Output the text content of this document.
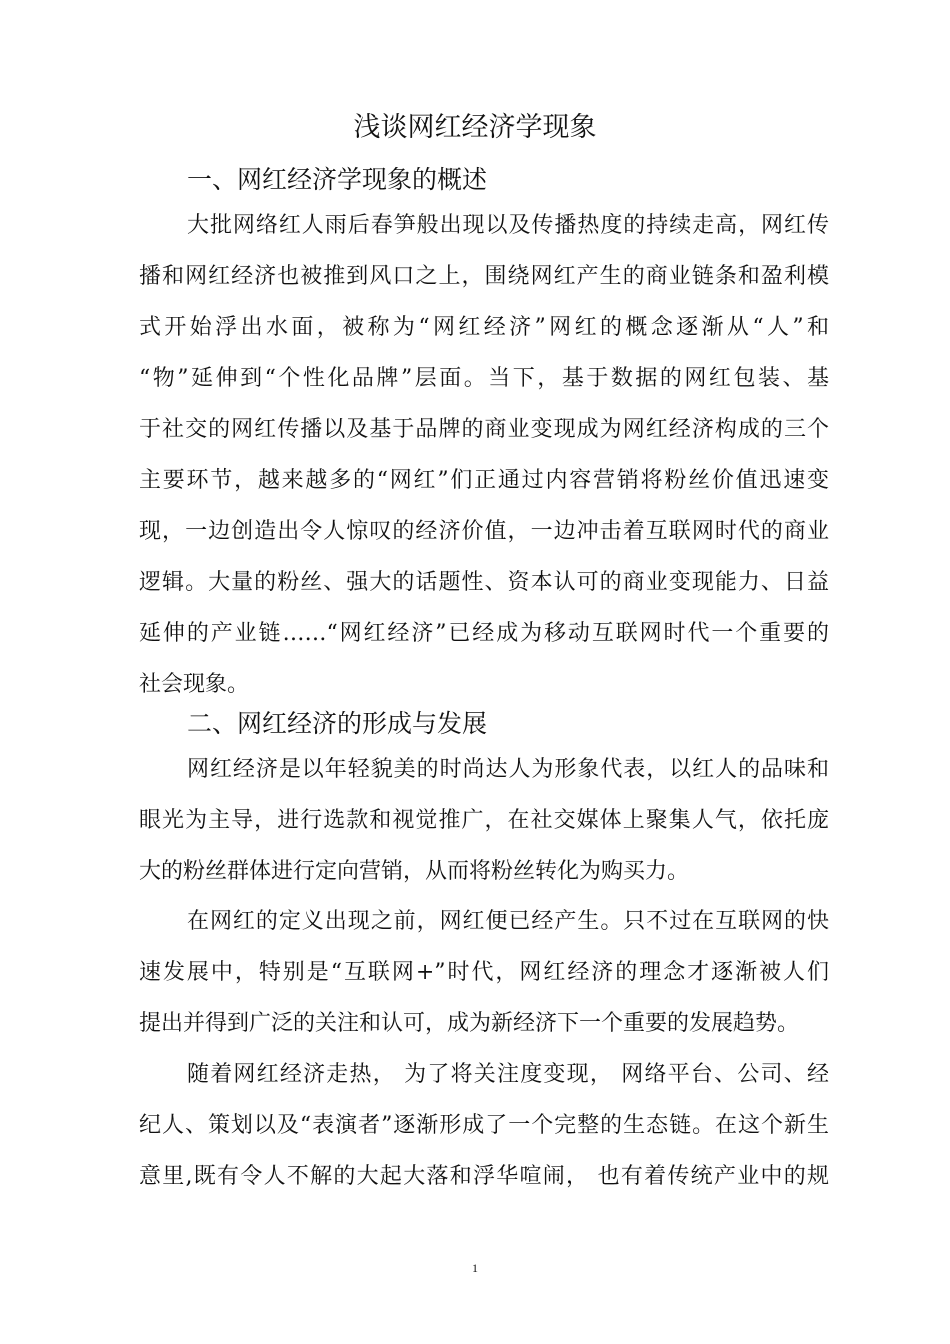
浅谈网红经济学现象
一、网红经济学现象的概述

大批网络红人雨后春笋般出现以及传播热度的持续走高，网红传
播和网红经济也被推到风口之上，围绕网红产生的商业链条和盈利模
式开始浮出水面，被称为“网红经济”网红的概念逐渐从“人”和
“物”延伸到“个性化品牌”层面。当下，基于数据的网红包装、基
于社交的网红传播以及基于品牌的商业变现成为网红经济构成的三个
主要环节，越来越多的“网红”们正通过内容营销将粉丝价值迅速变
现，一边创造出令人惊叹的经济价值，一边冲击着互联网时代的商业
逻辑。大量的粉丝、强大的话题性、资本认可的商业变现能力、日益
延伸的产业链……“网红经济”已经成为移动互联网时代一个重要的
社会现象。

二、网红经济的形成与发展

网红经济是以年轻貌美的时尚达人为形象代表，以红人的品味和
眼光为主导，进行选款和视觉推广，在社交媒体上聚集人气，依托庞
大的粉丝群体进行定向营销，从而将粉丝转化为购买力。

在网红的定义出现之前，网红便已经产生。只不过在互联网的快
速发展中，特别是“互联网+”时代，网红经济的理念才逐渐被人们
提出并得到广泛的关注和认可，成为新经济下一个重要的发展趋势。

随着网红经济走热， 为了将关注度变现， 网络平台、公司、经
纪人、策划以及“表演者”逐渐形成了一个完整的生态链。在这个新生
意里,既有令人不解的大起大落和浮华喧闹， 也有着传统产业中的规

1
